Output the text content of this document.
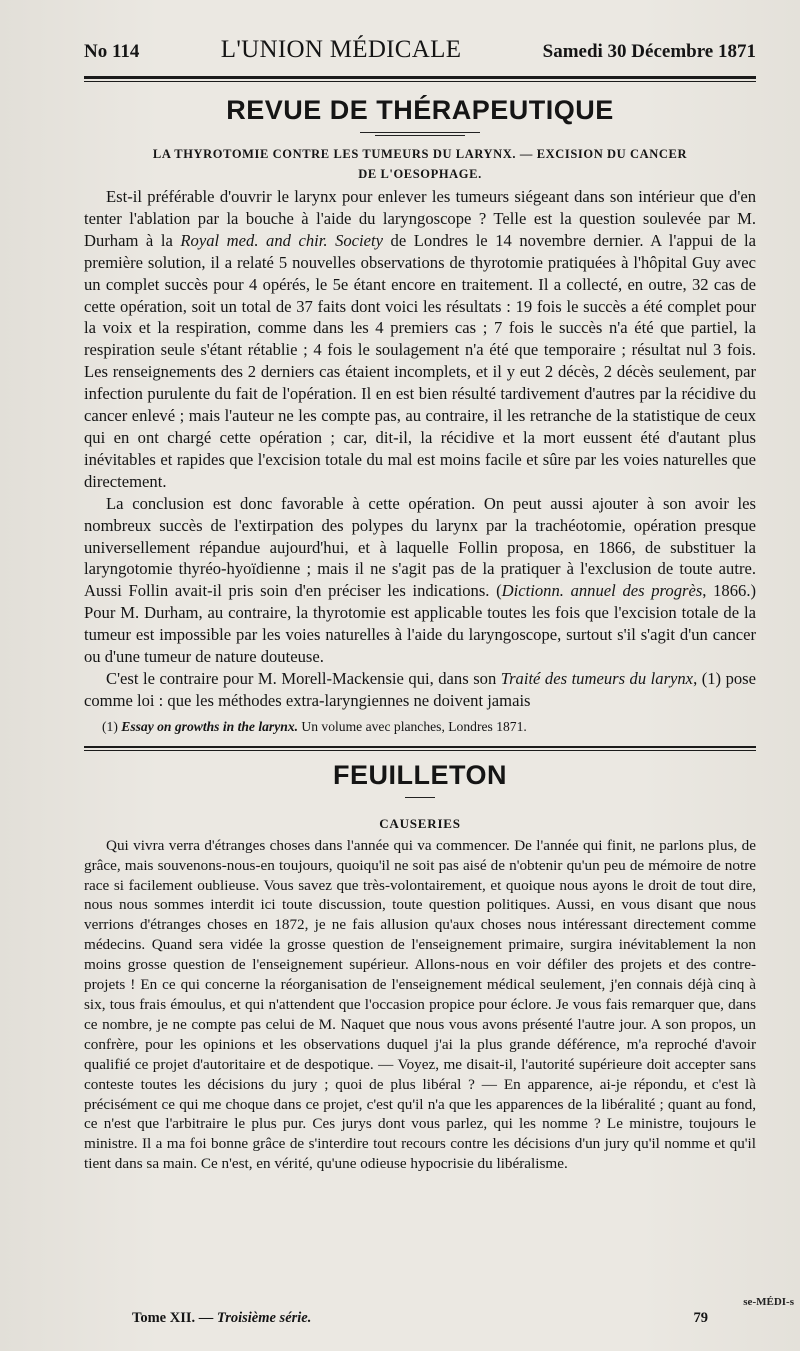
No 114	L'UNION MÉDICALE	Samedi 30 Décembre 1871
REVUE DE THÉRAPEUTIQUE
LA THYROTOMIE CONTRE LES TUMEURS DU LARYNX. — EXCISION DU CANCER
DE L'OESOPHAGE.

Est-il préférable d'ouvrir le larynx pour enlever les tumeurs siégeant dans son intérieur que d'en tenter l'ablation par la bouche à l'aide du laryngoscope ? Telle est la question soulevée par M. Durham à la Royal med. and chir. Society de Londres le 14 novembre dernier. A l'appui de la première solution, il a relaté 5 nouvelles observations de thyrotomie pratiquées à l'hôpital Guy avec un complet succès pour 4 opérés, le 5e étant encore en traitement. Il a collecté, en outre, 32 cas de cette opération, soit un total de 37 faits dont voici les résultats : 19 fois le succès a été complet pour la voix et la respiration, comme dans les 4 premiers cas ; 7 fois le succès n'a été que partiel, la respiration seule s'étant rétablie ; 4 fois le soulagement n'a été que temporaire ; résultat nul 3 fois. Les renseignements des 2 derniers cas étaient incomplets, et il y eut 2 décès, 2 décès seulement, par infection purulente du fait de l'opération. Il en est bien résulté tardivement d'autres par la récidive du cancer enlevé ; mais l'auteur ne les compte pas, au contraire, il les retranche de la statistique de ceux qui en ont chargé cette opération ; car, dit-il, la récidive et la mort eussent été d'autant plus inévitables et rapides que l'excision totale du mal est moins facile et sûre par les voies naturelles que directement.

La conclusion est donc favorable à cette opération. On peut aussi ajouter à son avoir les nombreux succès de l'extirpation des polypes du larynx par la trachéotomie, opération presque universellement répandue aujourd'hui, et à laquelle Follin proposa, en 1866, de substituer la laryngotomie thyréo-hyoïdienne ; mais il ne s'agit pas de la pratiquer à l'exclusion de toute autre. Aussi Follin avait-il pris soin d'en préciser les indications. (Dictionn. annuel des progrès, 1866.) Pour M. Durham, au contraire, la thyrotomie est applicable toutes les fois que l'excision totale de la tumeur est impossible par les voies naturelles à l'aide du laryngoscope, surtout s'il s'agit d'un cancer ou d'une tumeur de nature douteuse.

C'est le contraire pour M. Morell-Mackensie qui, dans son Traité des tumeurs du larynx, (1) pose comme loi : que les méthodes extra-laryngiennes ne doivent jamais

(1) Essay on growths in the larynx. Un volume avec planches, Londres 1871.
FEUILLETON
CAUSERIES

Qui vivra verra d'étranges choses dans l'année qui va commencer. De l'année qui finit, ne parlons plus, de grâce, mais souvenons-nous-en toujours, quoiqu'il ne soit pas aisé de n'obtenir qu'un peu de mémoire de notre race si facilement oublieuse. Vous savez que très-volontairement, et quoique nous ayons le droit de tout dire, nous nous sommes interdit ici toute discussion, toute question politiques. Aussi, en vous disant que nous verrions d'étranges choses en 1872, je ne fais allusion qu'aux choses nous intéressant directement comme médecins. Quand sera vidée la grosse question de l'enseignement primaire, surgira inévitablement la non moins grosse question de l'enseignement supérieur. Allons-nous en voir défiler des projets et des contre-projets ! En ce qui concerne la réorganisation de l'enseignement médical seulement, j'en connais déjà cinq à six, tous frais émoulus, et qui n'attendent que l'occasion propice pour éclore. Je vous fais remarquer que, dans ce nombre, je ne compte pas celui de M. Naquet que nous vous avons présenté l'autre jour. A son propos, un confrère, pour les opinions et les observations duquel j'ai la plus grande déférence, m'a reproché d'avoir qualifié ce projet d'autoritaire et de despotique. — Voyez, me disait-il, l'autorité supérieure doit accepter sans conteste toutes les décisions du jury ; quoi de plus libéral ? — En apparence, ai-je répondu, et c'est là précisément ce qui me choque dans ce projet, c'est qu'il n'a que les apparences de la libéralité ; quant au fond, ce n'est que l'arbitraire le plus pur. Ces jurys dont vous parlez, qui les nomme ? Le ministre, toujours le ministre. Il a ma foi bonne grâce de s'interdire tout recours contre les décisions d'un jury qu'il nomme et qu'il tient dans sa main. Ce n'est, en vérité, qu'une odieuse hypocrisie du libéralisme.

Tome XII. — Troisième série.	79
se-MÉDI-s
